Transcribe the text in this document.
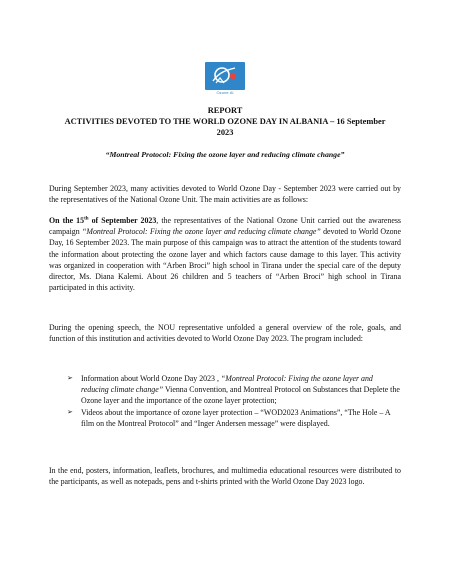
Ozone Al
REPORT
ACTIVITIES DEVOTED TO THE WORLD OZONE DAY IN ALBANIA – 16 September
2023
“Montreal Protocol: Fixing the ozone layer and reducing climate change”

During September 2023, many activities devoted to World Ozone Day - September 2023 were carried out by the representatives of the National Ozone Unit. The main activities are as follows:

On the 15th of September 2023, the representatives of the National Ozone Unit carried out the awareness campaign “Montreal Protocol: Fixing the ozone layer and reducing climate change” devoted to World Ozone Day, 16 September 2023. The main purpose of this campaign was to attract the attention of the students toward the information about protecting the ozone layer and which factors cause damage to this layer. This activity was organized in cooperation with “Arben Broci” high school in Tirana under the special care of the deputy director, Ms. Diana Kalemi. About 26 children and 5 teachers of “Arben Broci” high school in Tirana participated in this activity.

During the opening speech, the NOU representative unfolded a general overview of the role, goals, and function of this institution and activities devoted to World Ozone Day 2023. The program included:

➢ Information about World Ozone Day 2023 , “Montreal Protocol: Fixing the ozone layer and reducing climate change” Vienna Convention, and Montreal Protocol on Substances that Deplete the Ozone layer and the importance of the ozone layer protection;
➢ Videos about the importance of ozone layer protection – “WOD2023 Animations”, “The Hole – A film on the Montreal Protocol” and “Inger Andersen message” were displayed.

In the end, posters, information, leaflets, brochures, and multimedia educational resources were distributed to the participants, as well as notepads, pens and t-shirts printed with the World Ozone Day 2023 logo.
